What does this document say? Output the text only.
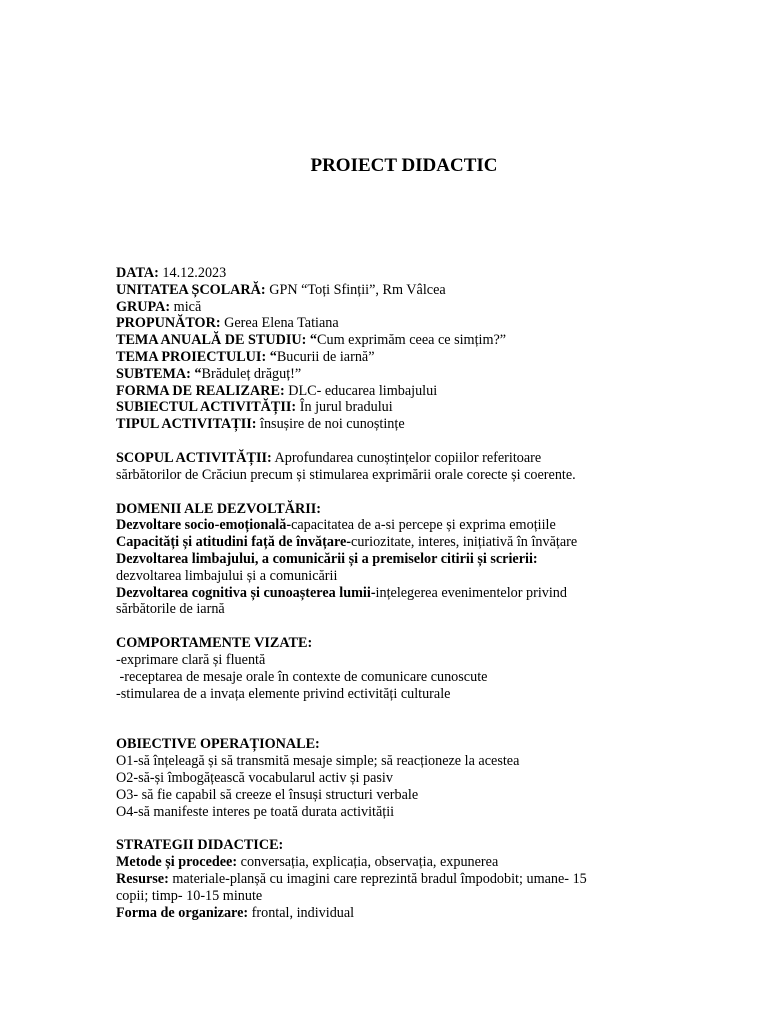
PROIECT DIDACTIC
DATA: 14.12.2023
UNITATEA ȘCOLARĂ: GPN “Toți Sfinții”, Rm Vâlcea
GRUPA: mică
PROPUNĂTOR: Gerea Elena Tatiana
TEMA ANUALĂ DE STUDIU: “Cum exprimăm ceea ce simțim?”
TEMA PROIECTULUI: “Bucurii de iarnă”
SUBTEMA: “Brăduleț drăguț!”
FORMA DE REALIZARE: DLC- educarea limbajului
SUBIECTUL ACTIVITĂȚII: În jurul bradului
TIPUL ACTIVITAȚII: însușire de noi cunoștințe
SCOPUL ACTIVITĂȚII: Aprofundarea cunoștințelor copiilor referitoare
sărbătorilor de Crăciun precum și stimularea exprimării orale corecte și coerente.
DOMENII ALE DEZVOLTĂRII:
Dezvoltare socio-emoțională-capacitatea de a-si percepe și exprima emoțiile
Capacități și atitudini față de învățare-curiozitate, interes, inițiativă în învățare
Dezvoltarea limbajului, a comunicării și a premiselor citirii și scrierii:
dezvoltarea limbajului și a comunicării
Dezvoltarea cognitiva și cunoașterea lumii-ințelegerea evenimentelor privind
sărbătorile de iarnă
COMPORTAMENTE VIZATE:
-exprimare clară și fluentă
-receptarea de mesaje orale în contexte de comunicare cunoscute
-stimularea de a invața elemente privind ectivități culturale
OBIECTIVE OPERAȚIONALE:
O1-să înțeleagă și să transmită mesaje simple; să reacționeze la acestea
O2-să-și îmbogățească vocabularul activ și pasiv
O3- să fie capabil să creeze el însuși structuri verbale
O4-să manifeste interes pe toată durata activității
STRATEGII DIDACTICE:
Metode și procedee: conversația, explicația, observația, expunerea
Resurse: materiale-planșă cu imagini care reprezintă bradul împodobit; umane- 15
copii; timp- 10-15 minute
Forma de organizare: frontal, individual
